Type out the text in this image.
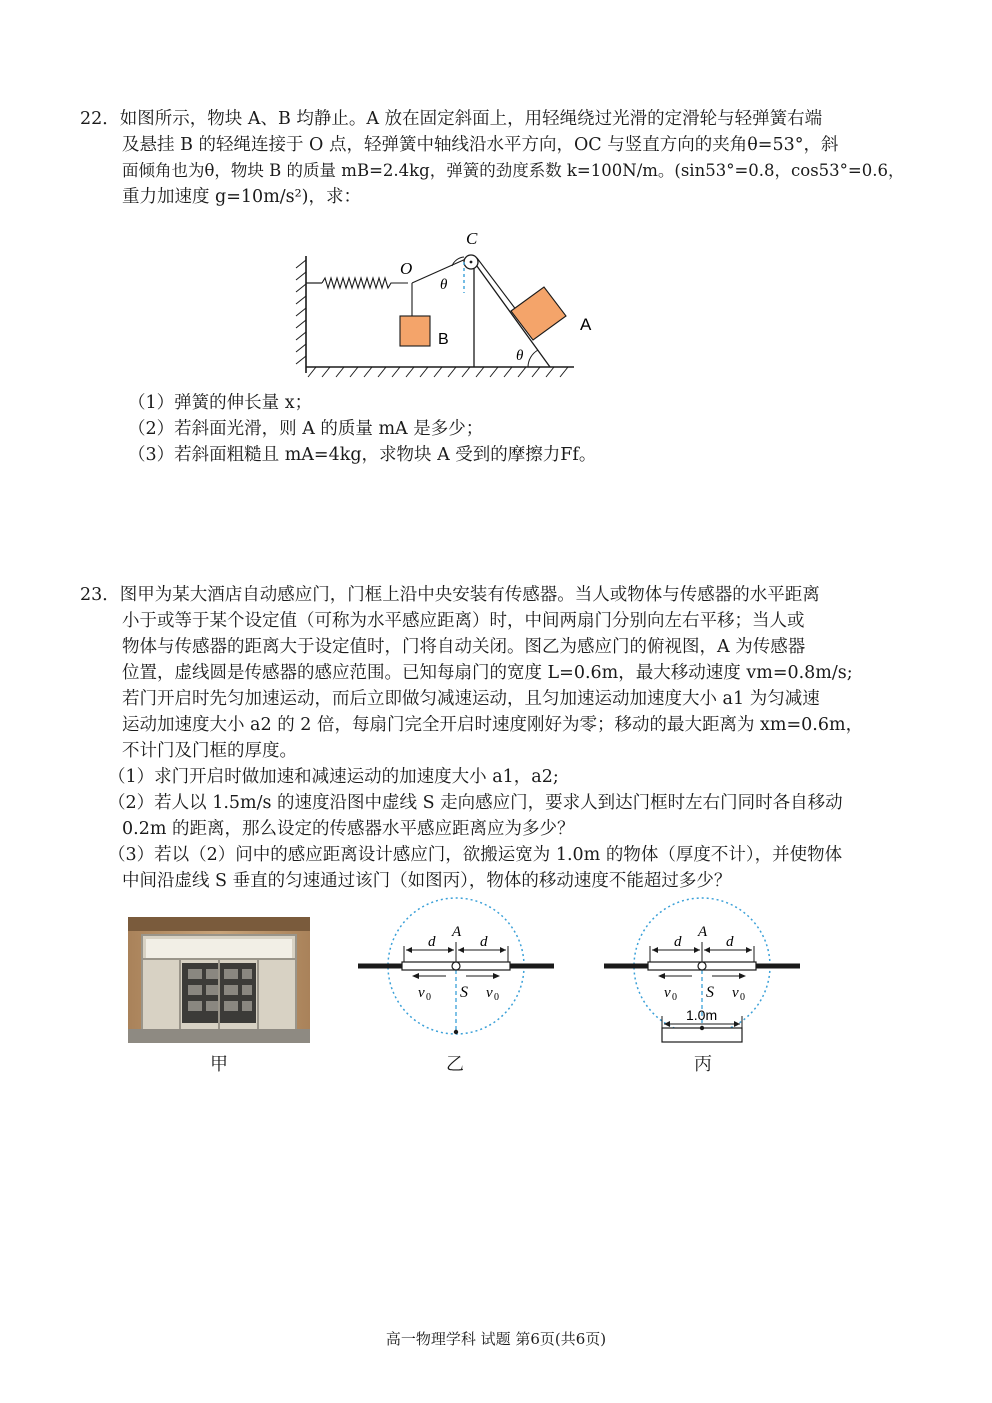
22．如图所示，物块 A、B 均静止。A 放在固定斜面上，用轻绳绕过光滑的定滑轮与轻弹簧右端
及悬挂 B 的轻绳连接于 O 点，轻弹簧中轴线沿水平方向，OC 与竖直方向的夹角θ=53°，斜
面倾角也为θ，物块 B 的质量 mB=2.4kg，弹簧的劲度系数 k=100N/m。(sin53°=0.8，cos53°=0.6，
重力加速度 g=10m/s²)，求：
C
O
θ
B
θ
A
（1）弹簧的伸长量 x；
（2）若斜面光滑，则 A 的质量 mA 是多少；
（3）若斜面粗糙且 mA=4kg，求物块 A 受到的摩擦力Ff。
23．图甲为某大酒店自动感应门，门框上沿中央安装有传感器。当人或物体与传感器的水平距离
小于或等于某个设定值（可称为水平感应距离）时，中间两扇门分别向左右平移；当人或
物体与传感器的距离大于设定值时，门将自动关闭。图乙为感应门的俯视图，A 为传感器
位置，虚线圆是传感器的感应范围。已知每扇门的宽度 L=0.6m，最大移动速度 vm=0.8m/s;
若门开启时先匀加速运动，而后立即做匀减速运动，且匀加速运动加速度大小 a1 为匀减速
运动加速度大小 a2 的 2 倍，每扇门完全开启时速度刚好为零；移动的最大距离为 xm=0.6m，
不计门及门框的厚度。
（1）求门开启时做加速和减速运动的加速度大小 a1，a2;
（2）若人以 1.5m/s 的速度沿图中虚线 S 走向感应门，要求人到达门框时左右门同时各自移动
0.2m 的距离，那么设定的传感器水平感应距离应为多少？
（3）若以（2）问中的感应距离设计感应门，欲搬运宽为 1.0m 的物体（厚度不计），并使物体
中间沿虚线 S 垂直的匀速通过该门（如图丙），物体的移动速度不能超过多少？
甲
A
d	d
v 0 S v 0
乙
A
d	d
v 0 S v 0
1.0m
丙
高一物理学科 试题 第6页(共6页)
